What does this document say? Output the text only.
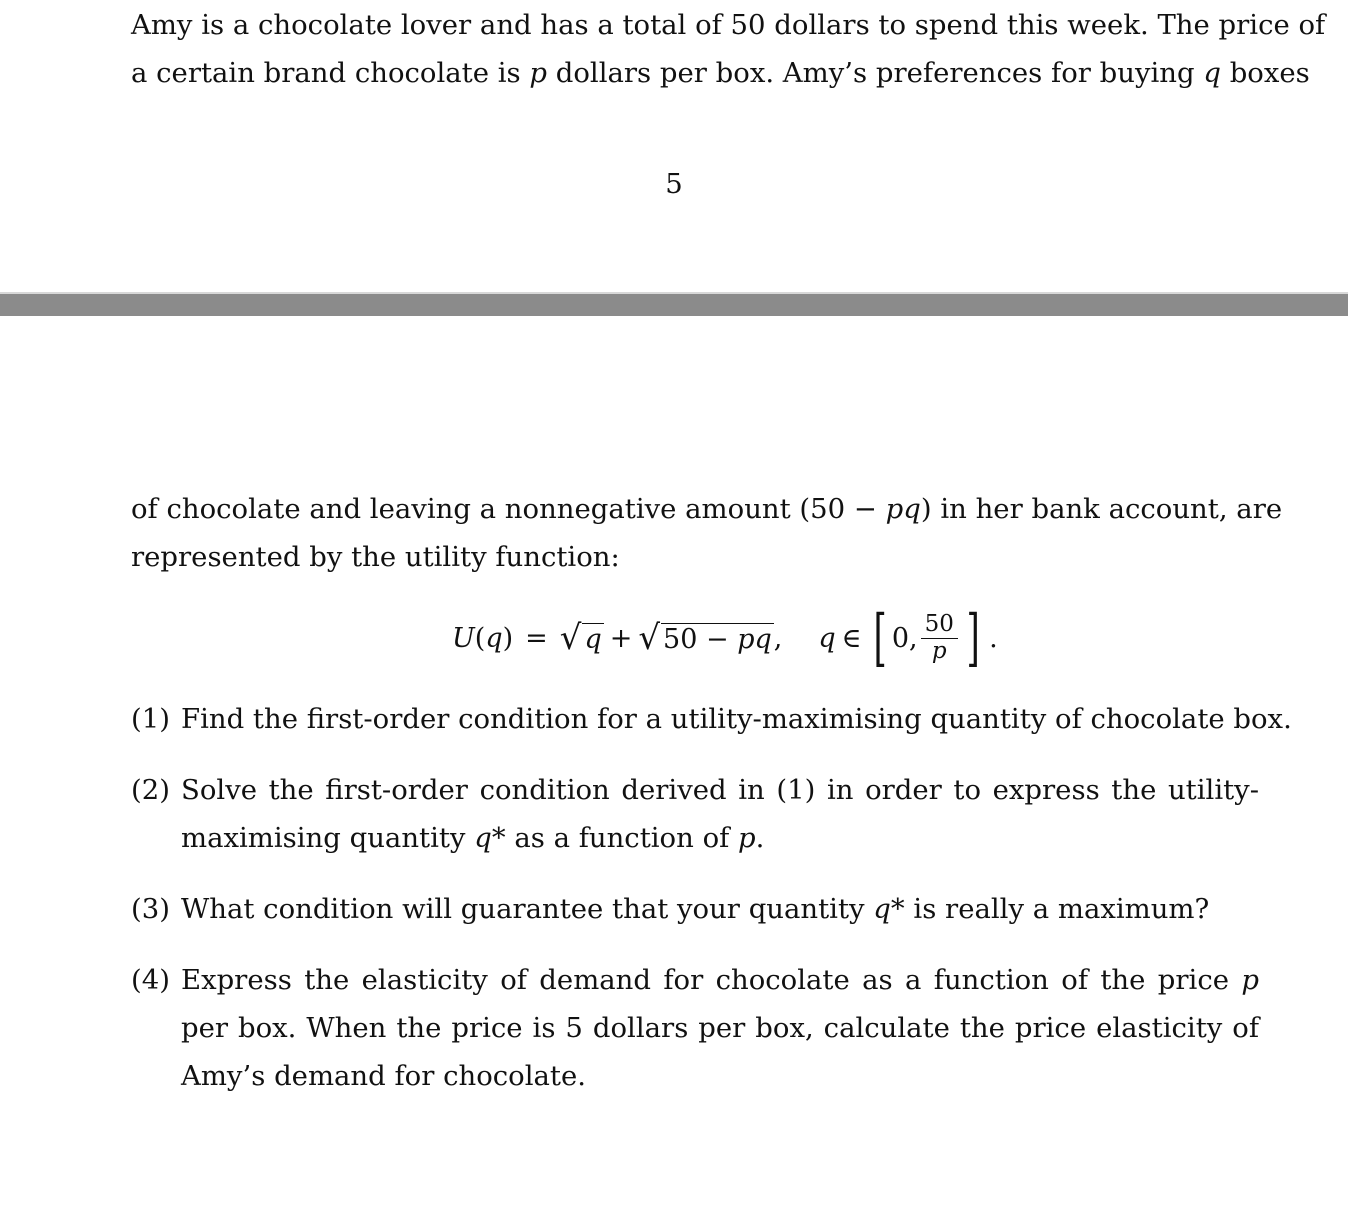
Amy is a chocolate lover and has a total of 50 dollars to spend this week. The price of

a certain brand chocolate is p dollars per box. Amy’s preferences for buying q boxes

5

of chocolate and leaving a nonnegative amount (50 − pq) in her bank account, are

represented by the utility function:

U ( q ) = √ q + √ 50 − pq , q ∈ [ 0, $\frac{50}{p}$ ] .
(1) Find the first-order condition for a utility-maximising quantity of chocolate box.
(2) Solve the first-order condition derived in (1) in order to express the utility-maximising quantity q* as a function of p.
(3) What condition will guarantee that your quantity q* is really a maximum?
(4) Express the elasticity of demand for chocolate as a function of the price p per box. When the price is 5 dollars per box, calculate the price elasticity of Amy’s demand for chocolate.
